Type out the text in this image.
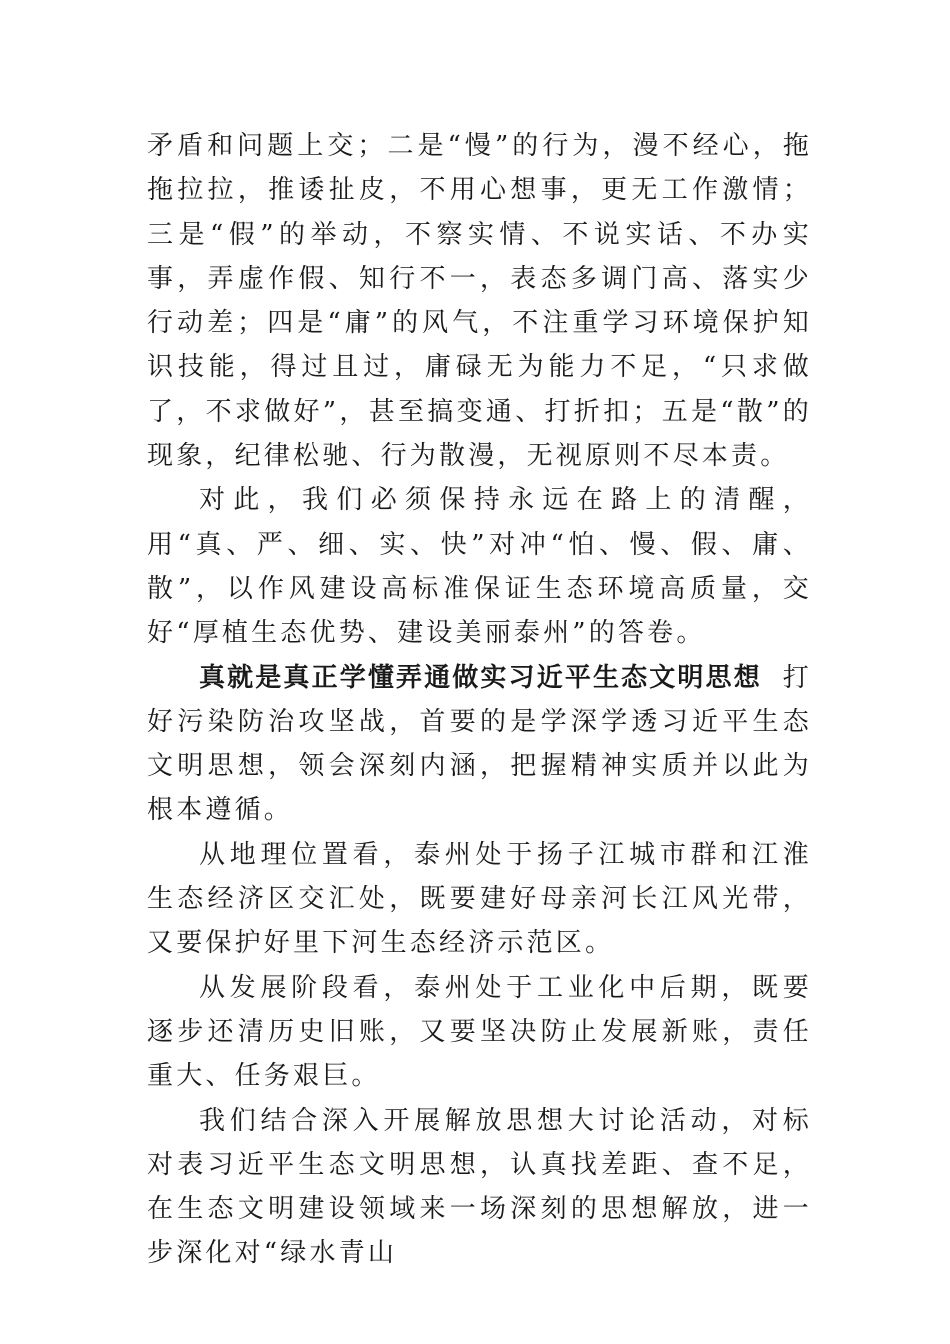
矛盾和问题上交；二是“慢”的行为，漫不经心，拖拖拉拉，推诿扯皮，不用心想事，更无工作激情；三是“假”的举动，不察实情、不说实话、不办实事，弄虚作假、知行不一，表态多调门高、落实少行动差；四是“庸”的风气，不注重学习环境保护知识技能，得过且过，庸碌无为能力不足，“只求做了，不求做好”，甚至搞变通、打折扣；五是“散”的现象，纪律松驰、行为散漫，无视原则不尽本责。

对此，我们必须保持永远在路上的清醒，用“真、严、细、实、快”对冲“怕、慢、假、庸、散”，以作风建设高标准保证生态环境高质量，交好“厚植生态优势、建设美丽泰州”的答卷。

真就是真正学懂弄通做实习近平生态文明思想 打好污染防治攻坚战，首要的是学深学透习近平生态文明思想，领会深刻内涵，把握精神实质并以此为根本遵循。

从地理位置看，泰州处于扬子江城市群和江淮生态经济区交汇处，既要建好母亲河长江风光带，又要保护好里下河生态经济示范区。

从发展阶段看，泰州处于工业化中后期，既要逐步还清历史旧账，又要坚决防止发展新账，责任重大、任务艰巨。

我们结合深入开展解放思想大讨论活动，对标对表习近平生态文明思想，认真找差距、查不足，在生态文明建设领域来一场深刻的思想解放，进一步深化对“绿水青山
